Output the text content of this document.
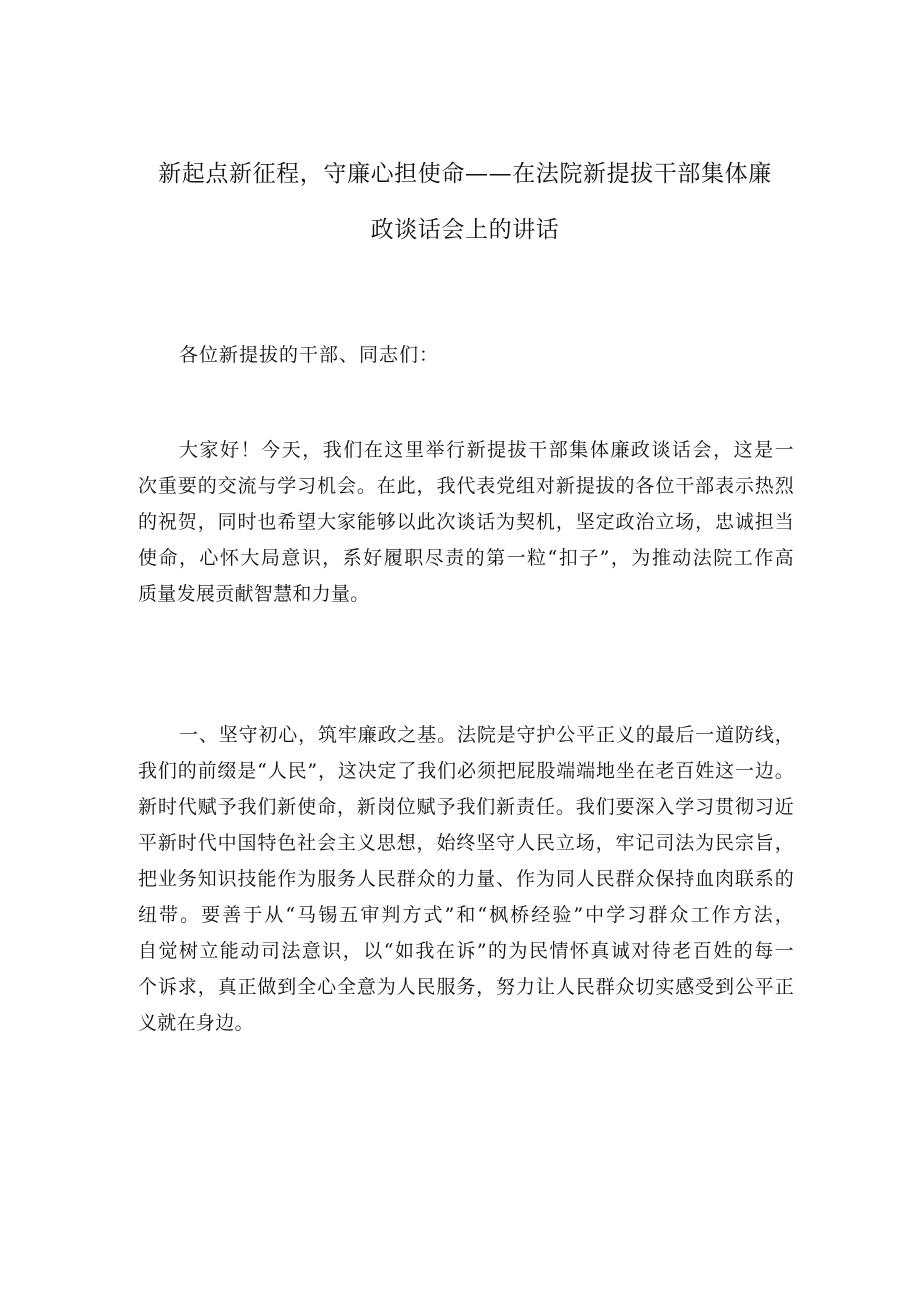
新起点新征程，守廉心担使命——在法院新提拔干部集体廉
政谈话会上的讲话
各位新提拔的干部、同志们：
大家好！今天，我们在这里举行新提拔干部集体廉政谈话会，这是一
次重要的交流与学习机会。在此，我代表党组对新提拔的各位干部表示热烈
的祝贺，同时也希望大家能够以此次谈话为契机，坚定政治立场，忠诚担当
使命，心怀大局意识，系好履职尽责的第一粒“扣子”，为推动法院工作高
质量发展贡献智慧和力量。
一、坚守初心，筑牢廉政之基。法院是守护公平正义的最后一道防线，
我们的前缀是“人民”，这决定了我们必须把屁股端端地坐在老百姓这一边。
新时代赋予我们新使命，新岗位赋予我们新责任。我们要深入学习贯彻习近
平新时代中国特色社会主义思想，始终坚守人民立场，牢记司法为民宗旨，
把业务知识技能作为服务人民群众的力量、作为同人民群众保持血肉联系的
纽带。要善于从“马锡五审判方式”和“枫桥经验”中学习群众工作方法，
自觉树立能动司法意识，以“如我在诉”的为民情怀真诚对待老百姓的每一
个诉求，真正做到全心全意为人民服务，努力让人民群众切实感受到公平正
义就在身边。
